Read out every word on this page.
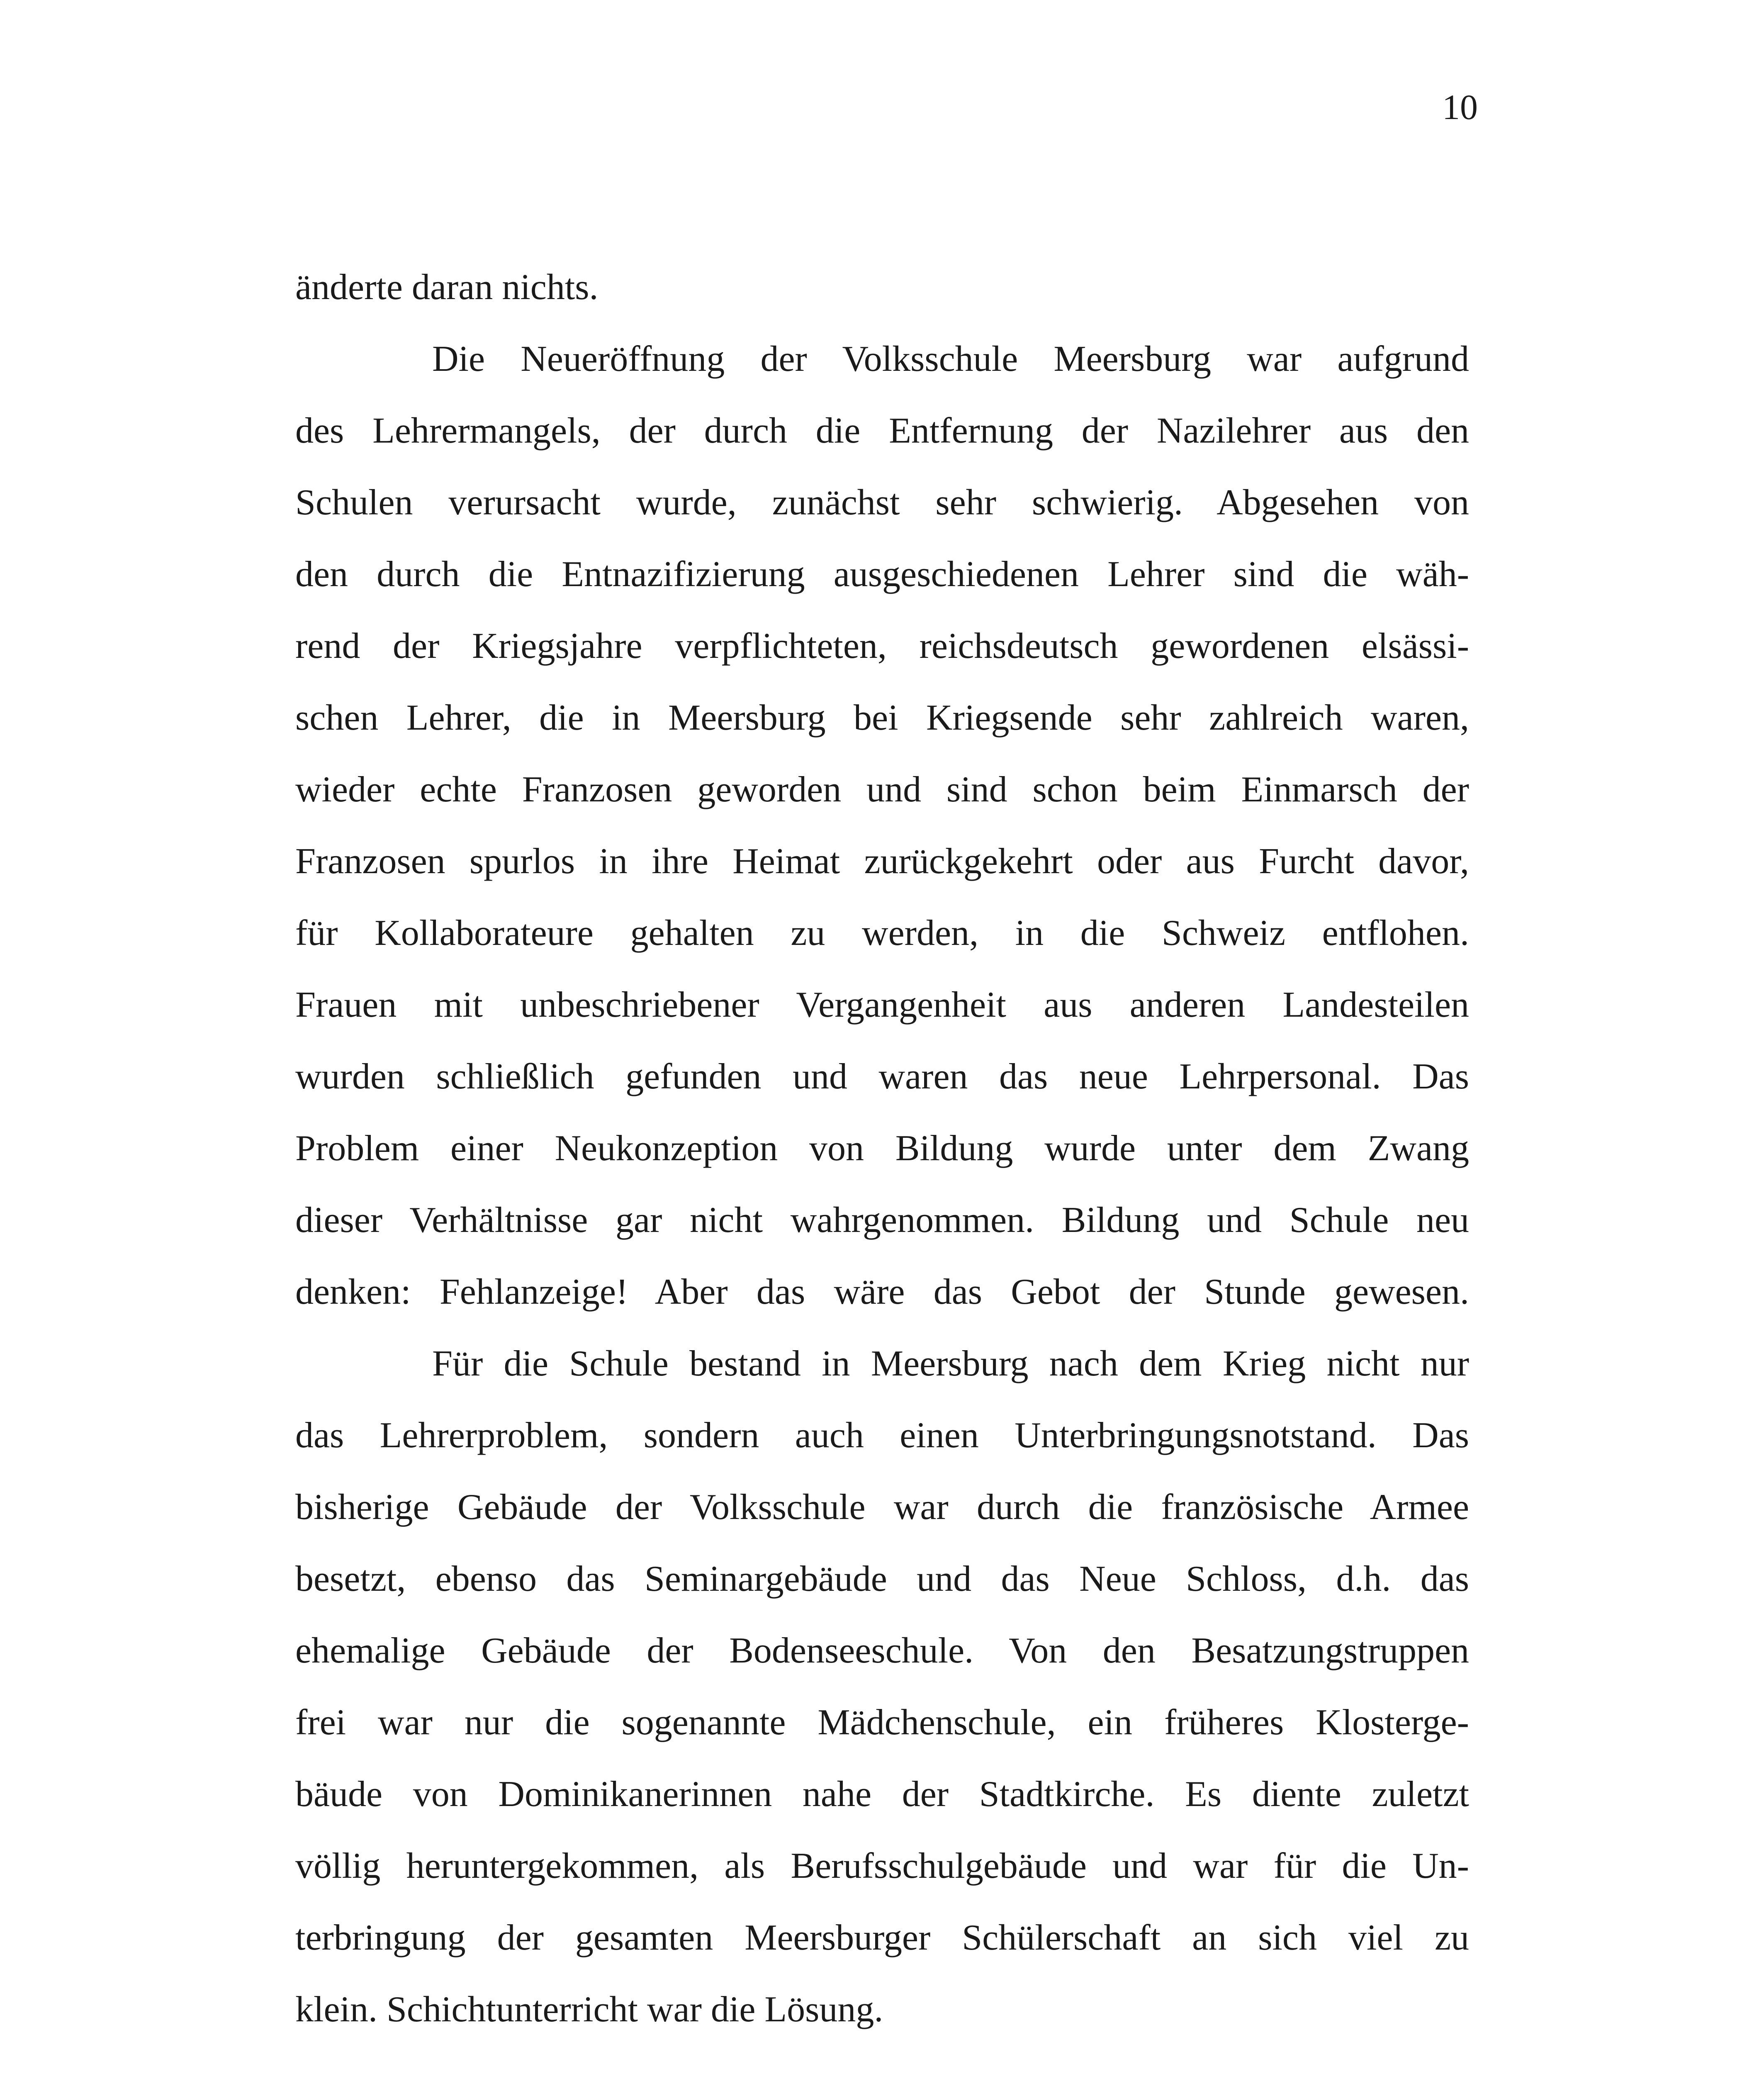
10

änderte daran nichts.
Die Neueröffnung der Volksschule Meersburg war aufgrund
des Lehrermangels, der durch die Entfernung der Nazilehrer aus den
Schulen verursacht wurde, zunächst sehr schwierig. Abgesehen von
den durch die Entnazifizierung ausgeschiedenen Lehrer sind die wäh-
rend der Kriegsjahre verpflichteten, reichsdeutsch gewordenen elsässi-
schen Lehrer, die in Meersburg bei Kriegsende sehr zahlreich waren,
wieder echte Franzosen geworden und sind schon beim Einmarsch der
Franzosen spurlos in ihre Heimat zurückgekehrt oder aus Furcht davor,
für Kollaborateure gehalten zu werden, in die Schweiz entflohen.
Frauen mit unbeschriebener Vergangenheit aus anderen Landesteilen
wurden schließlich gefunden und waren das neue Lehrpersonal. Das
Problem einer Neukonzeption von Bildung wurde unter dem Zwang
dieser Verhältnisse gar nicht wahrgenommen. Bildung und Schule neu
denken: Fehlanzeige! Aber das wäre das Gebot der Stunde gewesen.
Für die Schule bestand in Meersburg nach dem Krieg nicht nur
das Lehrerproblem, sondern auch einen Unterbringungsnotstand. Das
bisherige Gebäude der Volksschule war durch die französische Armee
besetzt, ebenso das Seminargebäude und das Neue Schloss, d.h. das
ehemalige Gebäude der Bodenseeschule. Von den Besatzungstruppen
frei war nur die sogenannte Mädchenschule, ein früheres Klosterge-
bäude von Dominikanerinnen nahe der Stadtkirche. Es diente zuletzt
völlig heruntergekommen, als Berufsschulgebäude und war für die Un-
terbringung der gesamten Meersburger Schülerschaft an sich viel zu
klein. Schichtunterricht war die Lösung.
